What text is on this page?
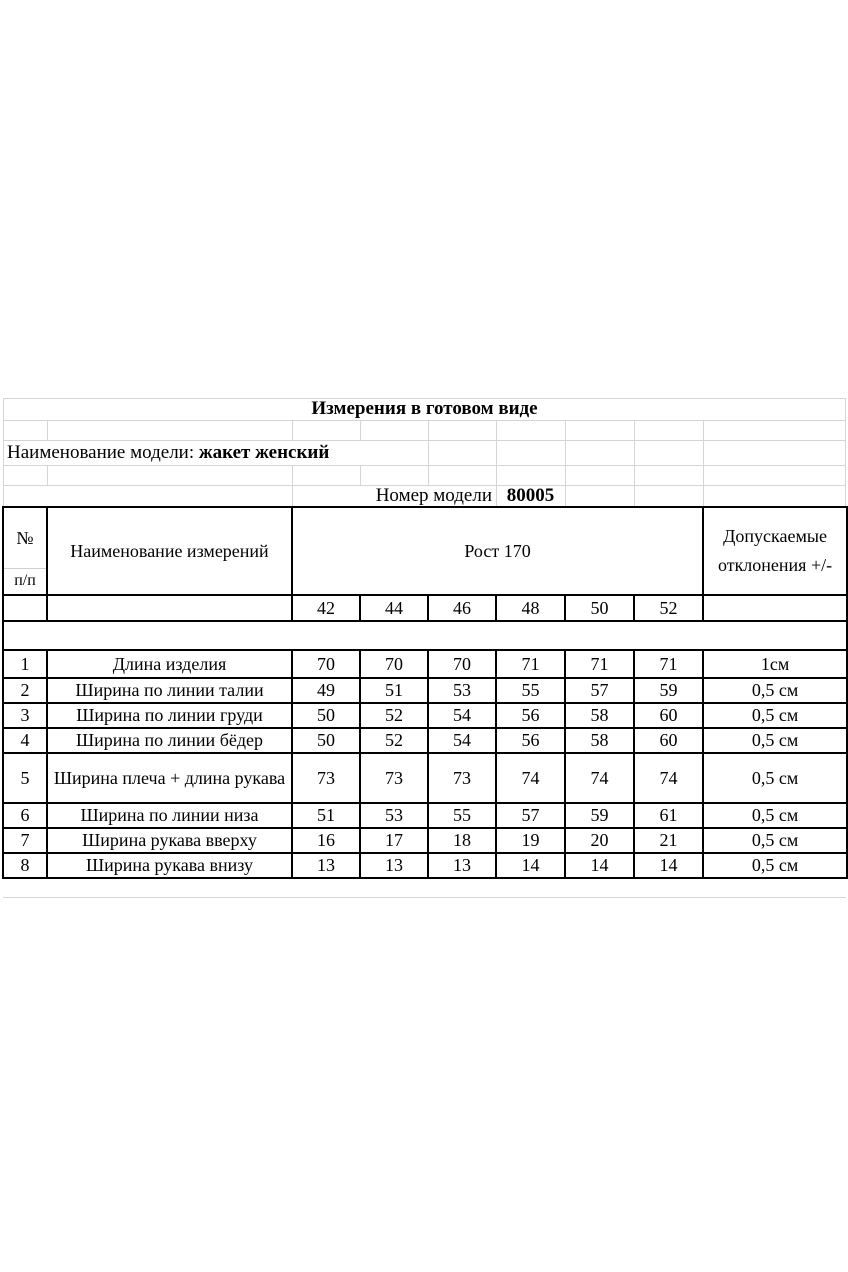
Измерения в готовом виде
Наименование модели: жакет женский
Номер модели 80005
№
п/п	Наименование измерений	Рост 170						Допускаемые отклонения +/-
		42	44	46	48	50	52	

1	Длина изделия	70	70	70	71	71	71	1см
2	Ширина по линии талии	49	51	53	55	57	59	0,5 см
3	Ширина по линии груди	50	52	54	56	58	60	0,5 см
4	Ширина по линии бёдер	50	52	54	56	58	60	0,5 см
5	Ширина плеча + длина рукава	73	73	73	74	74	74	0,5 см
6	Ширина по линии низа	51	53	55	57	59	61	0,5 см
7	Ширина рукава вверху	16	17	18	19	20	21	0,5 см
8	Ширина рукава внизу	13	13	13	14	14	14	0,5 см
